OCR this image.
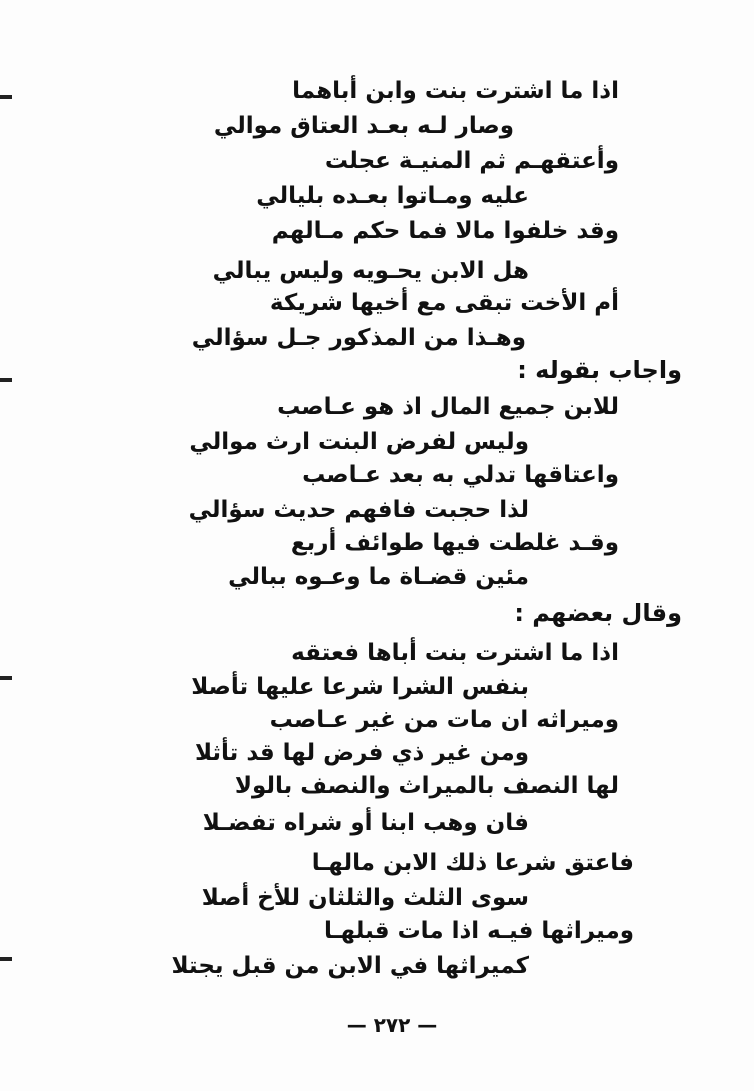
اذا ما اشترت بنت وابن أباهما
وصار لـه بعـد العتاق موالي
وأعتقهـم ثم المنيـة عجلت
عليه ومـاتوا بعـده بليالي
وقد خلفوا مالا فما حكم مـالهم
هل الابن يحـويه وليس يبالي
أم الأخت تبقى مع أخيها شريكة
وهـذا من المذكور جـل سؤالي
واجاب بقوله :
للابن جميع المال اذ هو عـاصب
وليس لفرض البنت ارث موالي
واعتاقها تدلي به بعد عـاصب
لذا حجبت فافهم حديث سؤالي
وقـد غلطت فيها طوائف أربع
مئين قضـاة ما وعـوه ببالي
وقال بعضهم :
اذا ما اشترت بنت أباها فعتقه
بنفس الشرا شرعا عليها تأصلا
وميراثه ان مات من غير عـاصب
ومن غير ذي فرض لها قد تأثلا
لها النصف بالميراث والنصف بالولا
فان وهب ابنا أو شراه تفضـلا
فاعتق شرعا ذلك الابن مالهـا
سوى الثلث والثلثان للأخ أصلا
وميراثها فيـه اذا مات قبلهـا
كميراثها في الابن من قبل يجتلا
— ٢٧٢ —
